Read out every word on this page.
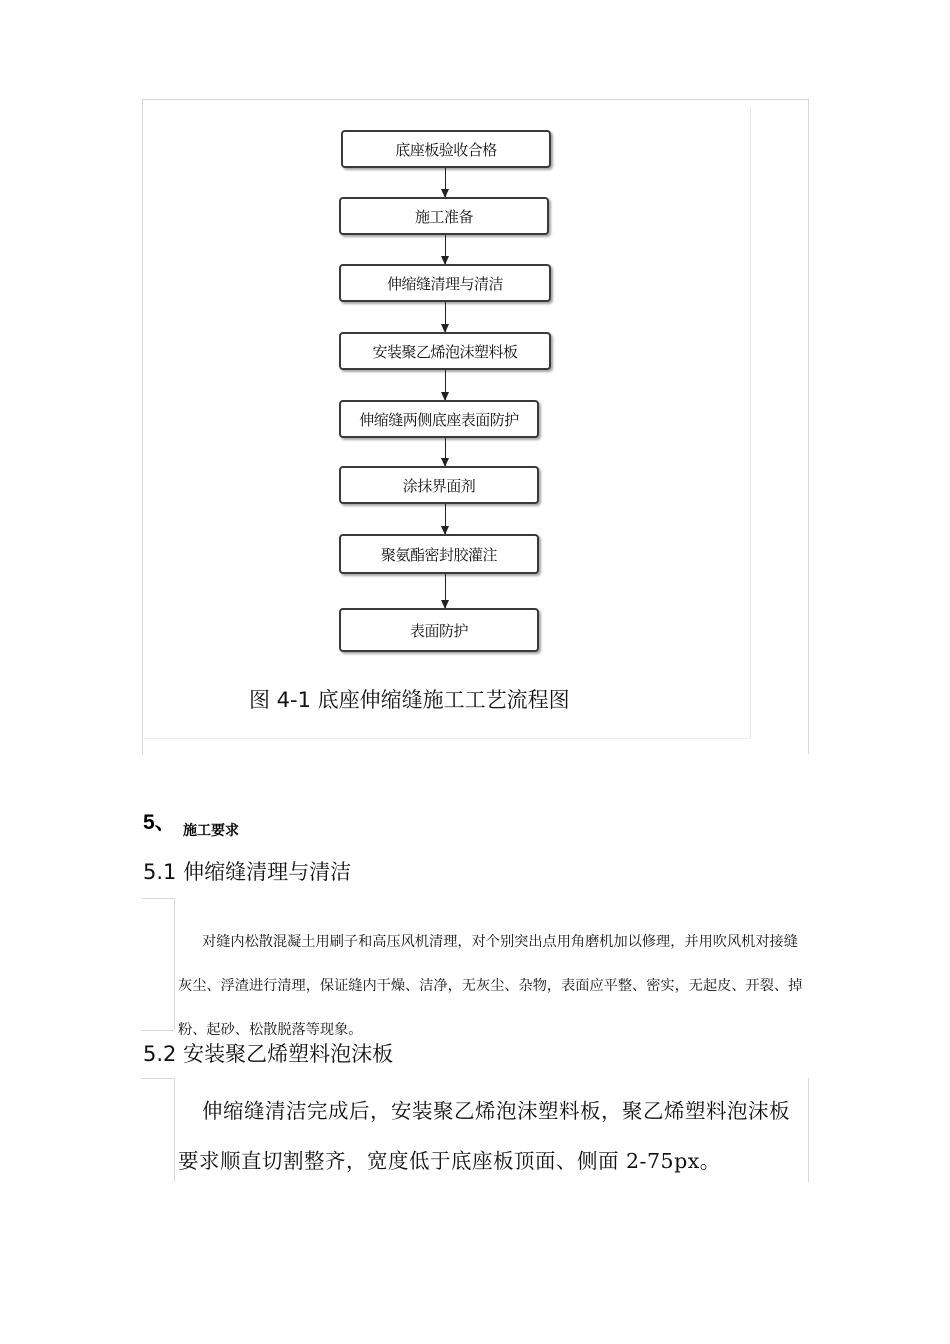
底座板验收合格
施工准备
伸缩缝清理与清洁
安装聚乙烯泡沫塑料板
伸缩缝两侧底座表面防护
涂抹界面剂
聚氨酯密封胶灌注
表面防护
图 4-1 底座伸缩缝施工工艺流程图
5、 施工要求
5.1 伸缩缝清理与清洁
对缝内松散混凝土用刷子和高压风机清理，对个别突出点用角磨机加以修理，并用吹风机对接缝灰尘、浮渣进行清理，保证缝内干燥、洁净，无灰尘、杂物，表面应平整、密实，无起皮、开裂、掉粉、起砂、松散脱落等现象。
5.2 安装聚乙烯塑料泡沫板
伸缩缝清洁完成后，安装聚乙烯泡沫塑料板，聚乙烯塑料泡沫板要求顺直切割整齐，宽度低于底座板顶面、侧面 2-75px。
